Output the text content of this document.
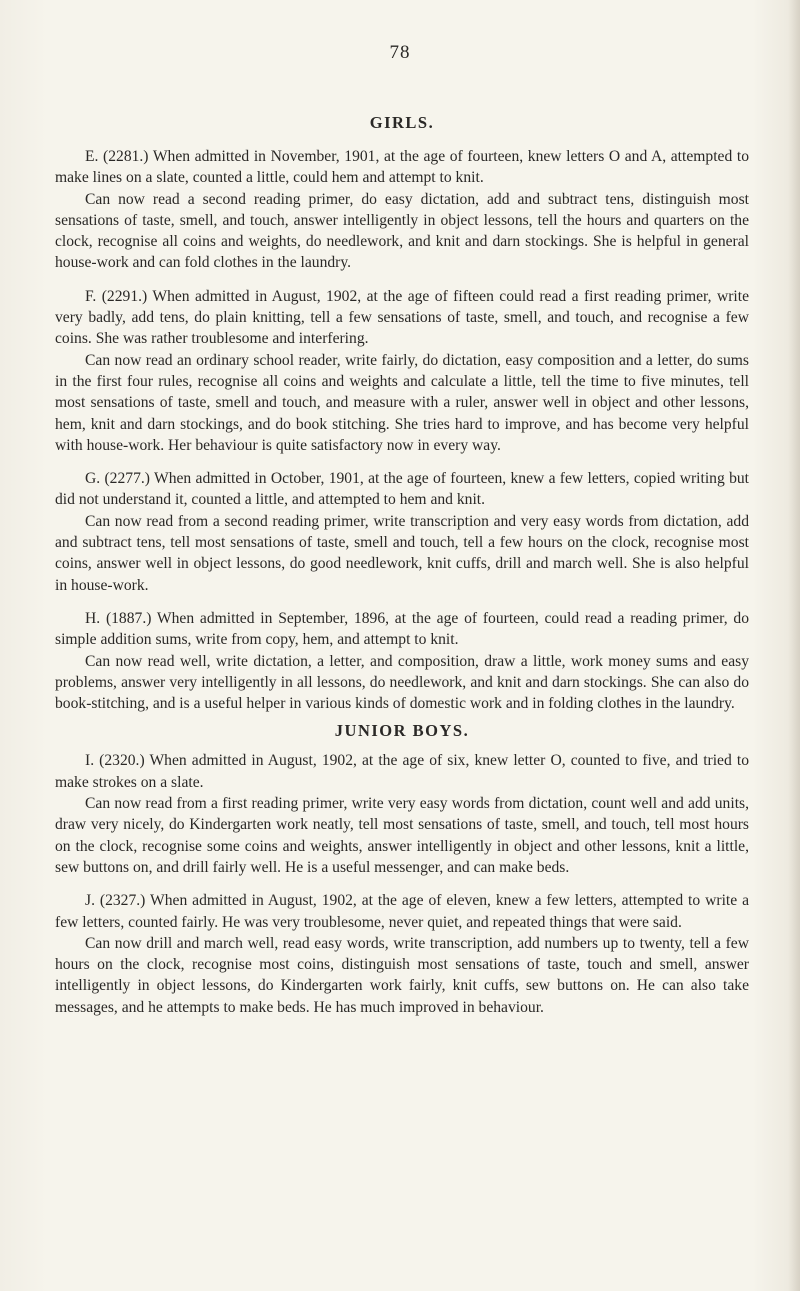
78
GIRLS.

E. (2281.) When admitted in November, 1901, at the age of fourteen, knew letters O and A, attempted to make lines on a slate, counted a little, could hem and attempt to knit.

Can now read a second reading primer, do easy dictation, add and subtract tens, distinguish most sensations of taste, smell, and touch, answer intelligently in object lessons, tell the hours and quarters on the clock, recognise all coins and weights, do needlework, and knit and darn stockings. She is helpful in general house-work and can fold clothes in the laundry.

F. (2291.) When admitted in August, 1902, at the age of fifteen could read a first reading primer, write very badly, add tens, do plain knitting, tell a few sensations of taste, smell, and touch, and recognise a few coins. She was rather troublesome and interfering.

Can now read an ordinary school reader, write fairly, do dictation, easy composition and a letter, do sums in the first four rules, recognise all coins and weights and calculate a little, tell the time to five minutes, tell most sensations of taste, smell and touch, and measure with a ruler, answer well in object and other lessons, hem, knit and darn stockings, and do book stitching. She tries hard to improve, and has become very helpful with house-work. Her behaviour is quite satisfactory now in every way.

G. (2277.) When admitted in October, 1901, at the age of fourteen, knew a few letters, copied writing but did not understand it, counted a little, and attempted to hem and knit.

Can now read from a second reading primer, write transcription and very easy words from dictation, add and subtract tens, tell most sensations of taste, smell and touch, tell a few hours on the clock, recognise most coins, answer well in object lessons, do good needlework, knit cuffs, drill and march well. She is also helpful in house-work.

H. (1887.) When admitted in September, 1896, at the age of fourteen, could read a reading primer, do simple addition sums, write from copy, hem, and attempt to knit.

Can now read well, write dictation, a letter, and composition, draw a little, work money sums and easy problems, answer very intelligently in all lessons, do needlework, and knit and darn stockings. She can also do book-stitching, and is a useful helper in various kinds of domestic work and in folding clothes in the laundry.

JUNIOR BOYS.

I. (2320.) When admitted in August, 1902, at the age of six, knew letter O, counted to five, and tried to make strokes on a slate.

Can now read from a first reading primer, write very easy words from dictation, count well and add units, draw very nicely, do Kindergarten work neatly, tell most sensations of taste, smell, and touch, tell most hours on the clock, recognise some coins and weights, answer intelligently in object and other lessons, knit a little, sew buttons on, and drill fairly well. He is a useful messenger, and can make beds.

J. (2327.) When admitted in August, 1902, at the age of eleven, knew a few letters, attempted to write a few letters, counted fairly. He was very troublesome, never quiet, and repeated things that were said.

Can now drill and march well, read easy words, write transcription, add numbers up to twenty, tell a few hours on the clock, recognise most coins, distinguish most sensations of taste, touch and smell, answer intelligently in object lessons, do Kindergarten work fairly, knit cuffs, sew buttons on. He can also take messages, and he attempts to make beds. He has much improved in behaviour.
